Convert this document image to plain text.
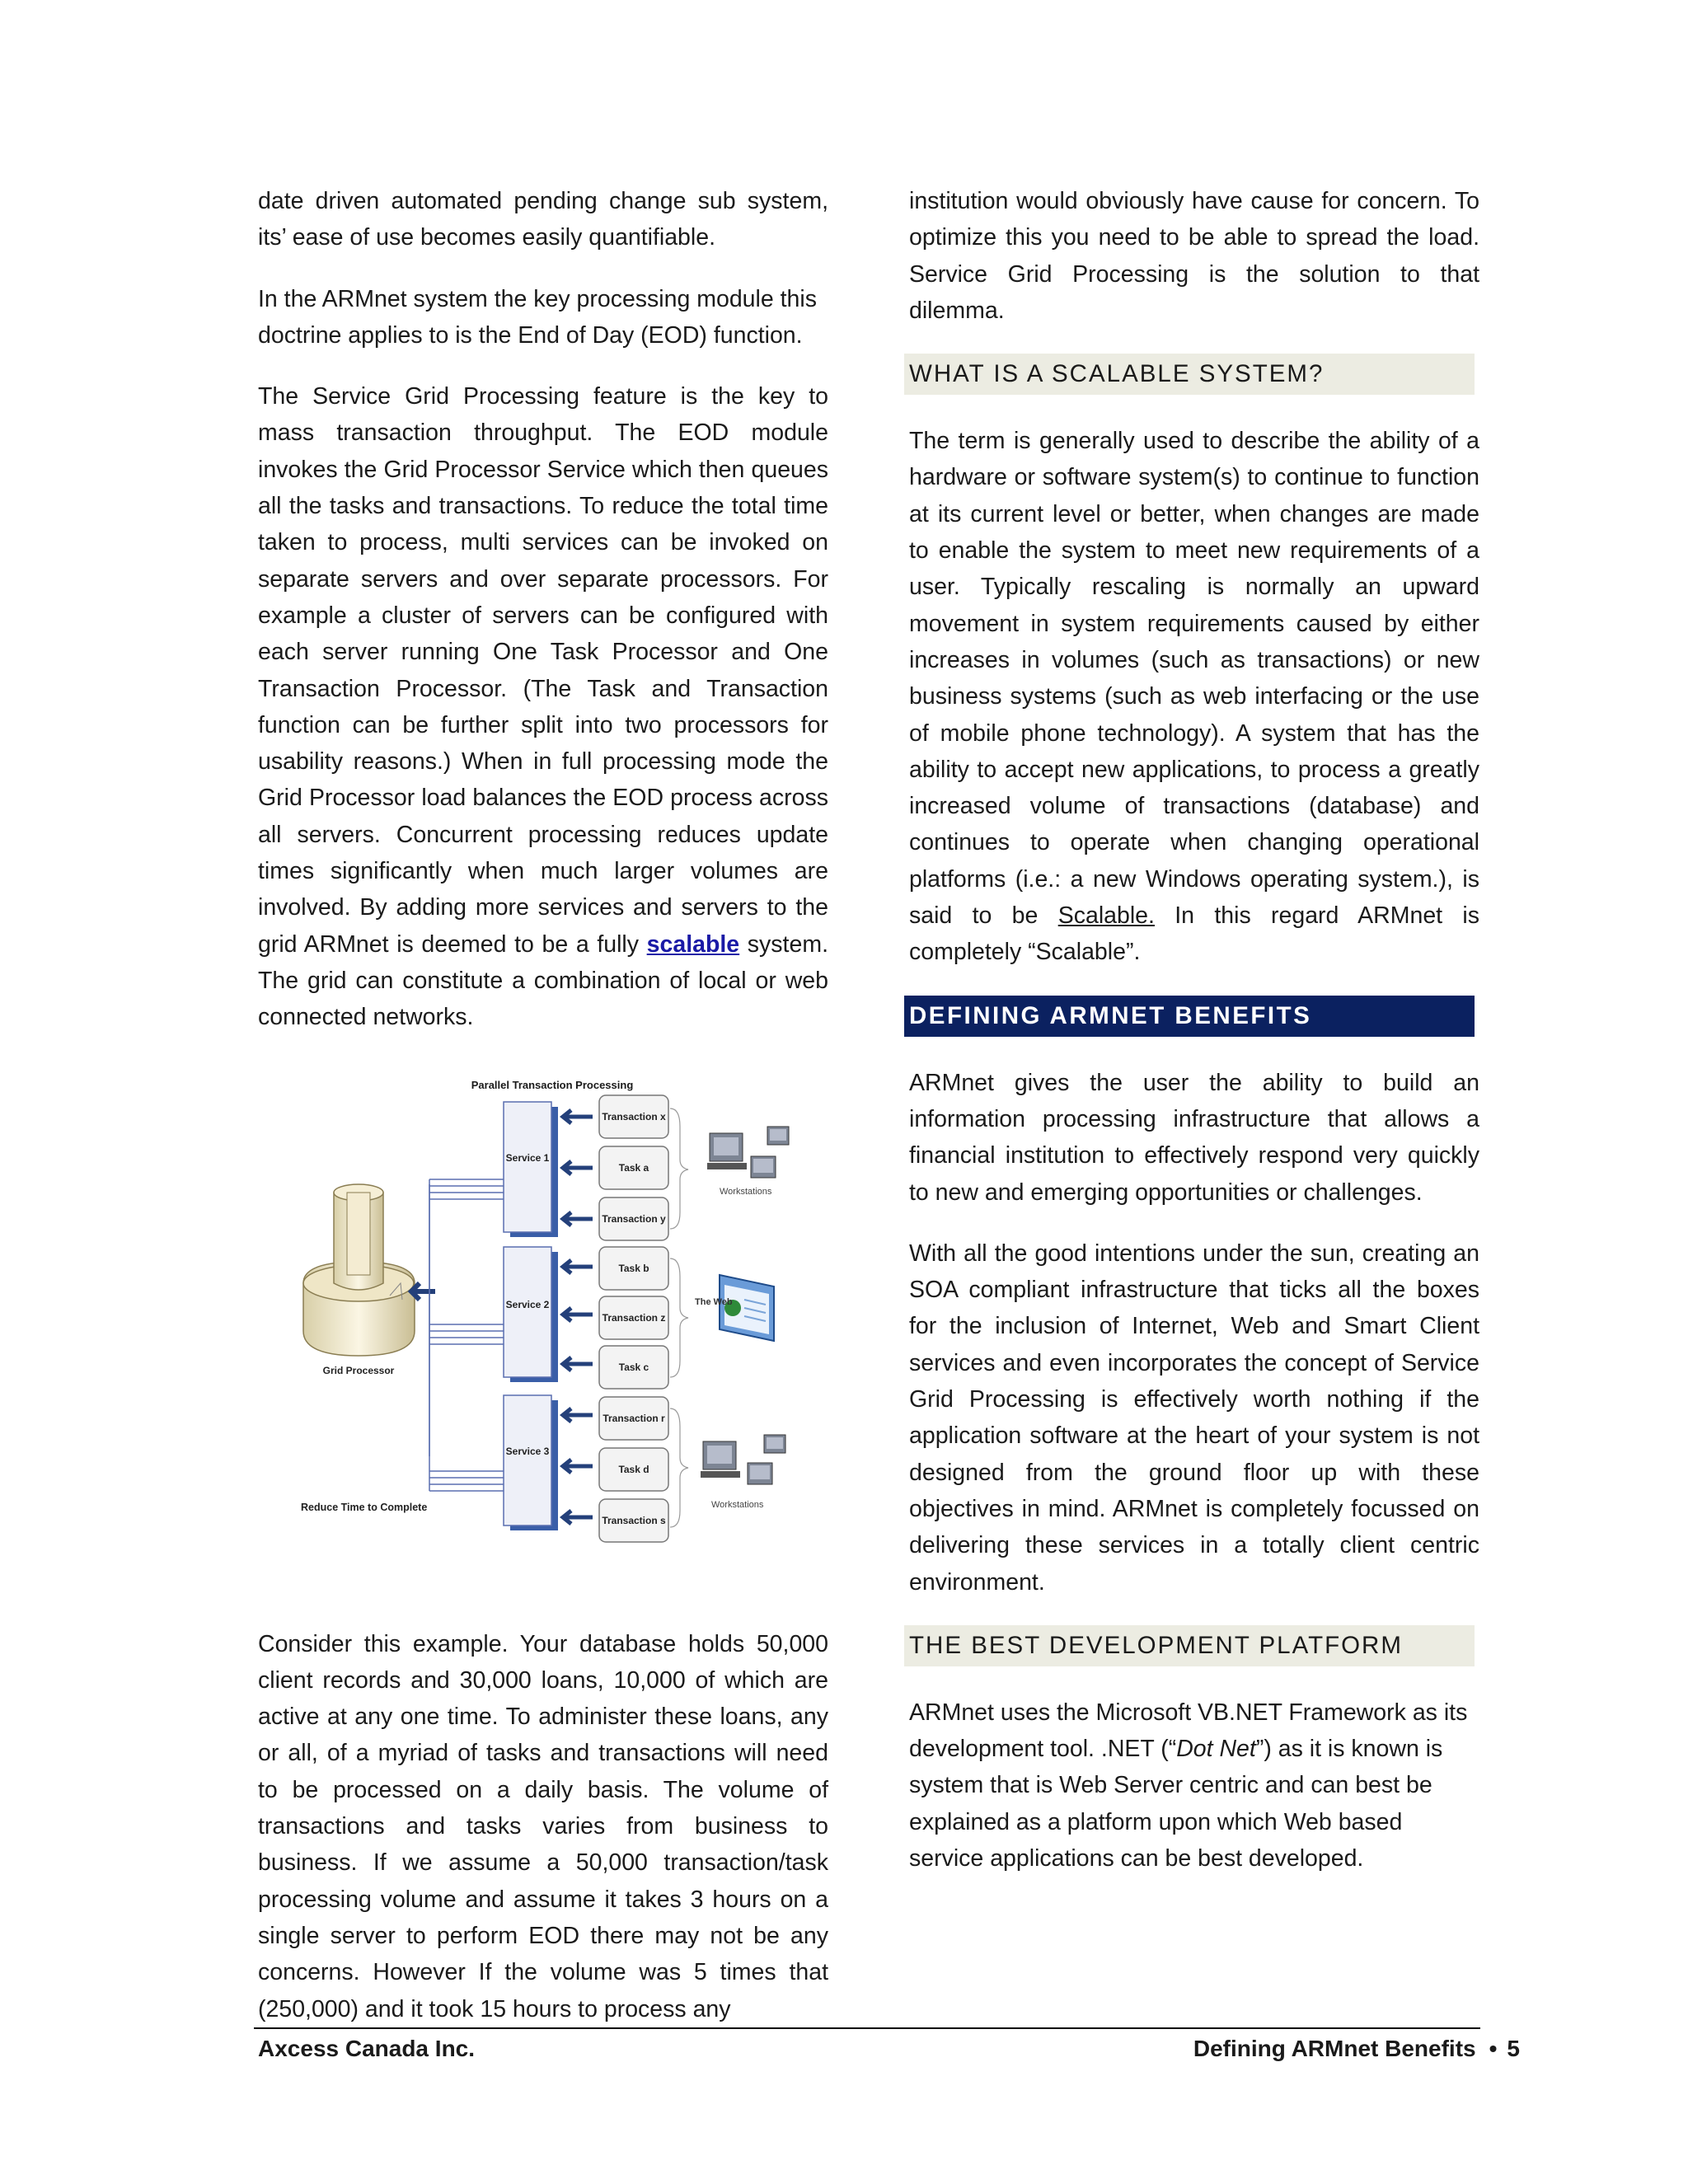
date driven automated pending change sub system, its’ ease of use becomes easily quantifiable.

In the ARMnet system the key processing module this doctrine applies to is the End of Day (EOD) function.

The Service Grid Processing feature is the key to mass transaction throughput. The EOD module invokes the Grid Processor Service which then queues all the tasks and transactions. To reduce the total time taken to process, multi services can be invoked on separate servers and over separate processors. For example a cluster of servers can be configured with each server running One Task Processor and One Transaction Processor. (The Task and Transaction function can be further split into two processors for usability reasons.) When in full processing mode the Grid Processor load balances the EOD process across all servers. Concurrent processing reduces update times significantly when much larger volumes are involved. By adding more services and servers to the grid ARMnet is deemed to be a fully scalable system. The grid can constitute a combination of local or web connected networks.

Parallel Transaction Processing
Grid Processor
Service 1
Service 2
Service 3
Transaction x
Task a
Transaction y
Task b
Transaction z
Task c
Transaction r
Task d
Transaction s
Workstations
The Web
Workstations
Reduce Time to Complete

Consider this example. Your database holds 50,000 client records and 30,000 loans, 10,000 of which are active at any one time. To administer these loans, any or all, of a myriad of tasks and transactions will need to be processed on a daily basis. The volume of transactions and tasks varies from business to business. If we assume a 50,000 transaction/task processing volume and assume it takes 3 hours on a single server to perform EOD there may not be any concerns. However If the volume was 5 times that (250,000) and it took 15 hours to process any

institution would obviously have cause for concern. To optimize this you need to be able to spread the load. Service Grid Processing is the solution to that dilemma.

WHAT IS A SCALABLE SYSTEM?

The term is generally used to describe the ability of a hardware or software system(s) to continue to function at its current level or better, when changes are made to enable the system to meet new requirements of a user. Typically rescaling is normally an upward movement in system requirements caused by either increases in volumes (such as transactions) or new business systems (such as web interfacing or the use of mobile phone technology). A system that has the ability to accept new applications, to process a greatly increased volume of transactions (database) and continues to operate when changing operational platforms (i.e.: a new Windows operating system.), is said to be Scalable. In this regard ARMnet is completely “Scalable”.

DEFINING ARMNET BENEFITS

ARMnet gives the user the ability to build an information processing infrastructure that allows a financial institution to effectively respond very quickly to new and emerging opportunities or challenges.

With all the good intentions under the sun, creating an SOA compliant infrastructure that ticks all the boxes for the inclusion of Internet, Web and Smart Client services and even incorporates the concept of Service Grid Processing is effectively worth nothing if the application software at the heart of your system is not designed from the ground floor up with these objectives in mind. ARMnet is completely focussed on delivering these services in a totally client centric environment.

THE BEST DEVELOPMENT PLATFORM

ARMnet uses the Microsoft VB.NET Framework as its development tool. .NET (“Dot Net”) as it is known is system that is Web Server centric and can best be explained as a platform upon which Web based service applications can be best developed.

Axcess Canada Inc.	Defining ARMnet Benefits • 5
